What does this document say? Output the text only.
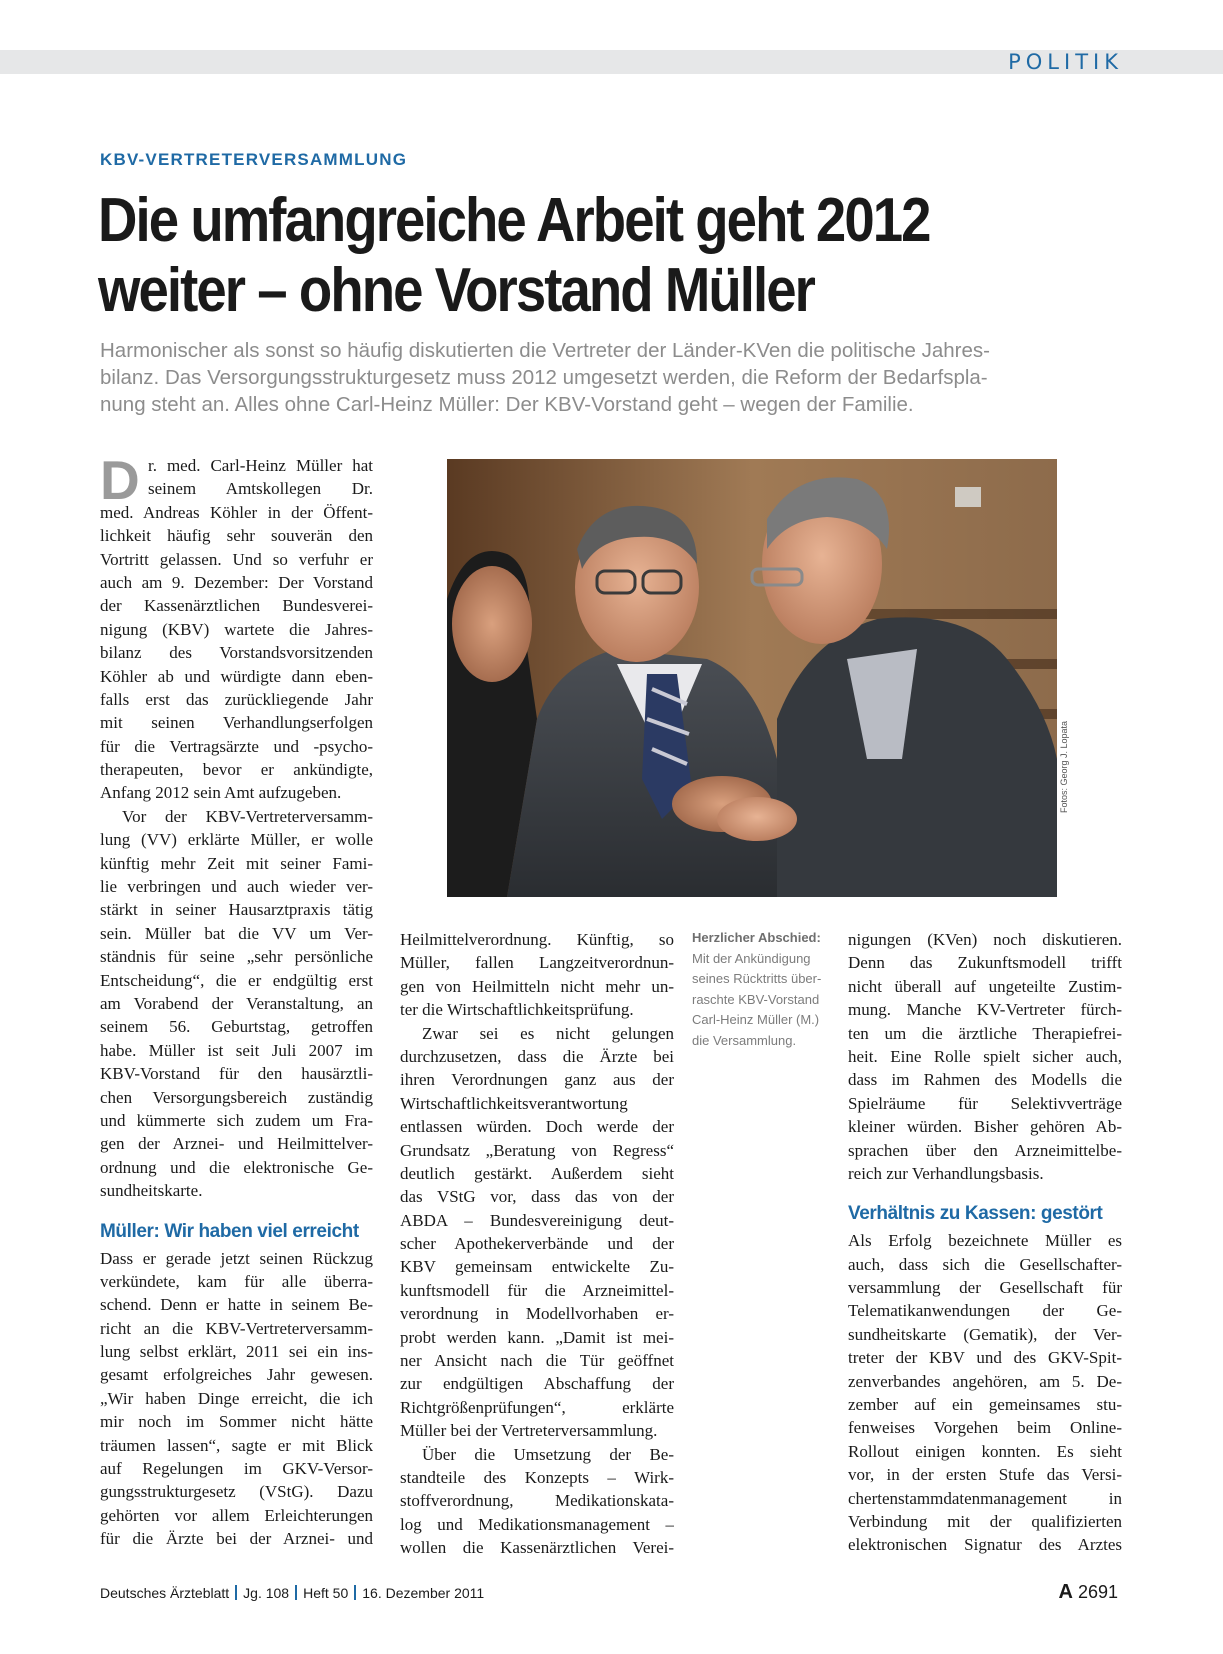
POLITIK
KBV-VERTRETERVERSAMMLUNG
Die umfangreiche Arbeit geht 2012
weiter – ohne Vorstand Müller

Harmonischer als sonst so häufig diskutierten die Vertreter der Länder-KVen die politische Jahres-
bilanz. Das Versorgungsstrukturgesetz muss 2012 umgesetzt werden, die Reform der Bedarfspla-
nung steht an. Alles ohne Carl-Heinz Müller: Der KBV-Vorstand geht – wegen der Familie.

D r. med. Carl-Heinz Müller hat
seinem Amtskollegen Dr.
med. Andreas Köhler in der Öffent-
lichkeit häufig sehr souverän den
Vortritt gelassen. Und so verfuhr er
auch am 9. Dezember: Der Vorstand
der Kassenärztlichen Bundesverei-
nigung (KBV) wartete die Jahres-
bilanz des Vorstandsvorsitzenden
Köhler ab und würdigte dann eben-
falls erst das zurückliegende Jahr
mit seinen Verhandlungserfolgen
für die Vertragsärzte und -psycho-
therapeuten, bevor er ankündigte,
Anfang 2012 sein Amt aufzugeben.
Vor der KBV-Vertreterversamm-
lung (VV) erklärte Müller, er wolle
künftig mehr Zeit mit seiner Fami-
lie verbringen und auch wieder ver-
stärkt in seiner Hausarztpraxis tätig
sein. Müller bat die VV um Ver-
ständnis für seine „sehr persönliche
Entscheidung“, die er endgültig erst
am Vorabend der Veranstaltung, an
seinem 56. Geburtstag, getroffen
habe. Müller ist seit Juli 2007 im
KBV-Vorstand für den hausärztli-
chen Versorgungsbereich zuständig
und kümmerte sich zudem um Fra-
gen der Arznei- und Heilmittelver-
ordnung und die elektronische Ge-
sundheitskarte.
Müller: Wir haben viel erreicht
Dass er gerade jetzt seinen Rückzug
verkündete, kam für alle überra-
schend. Denn er hatte in seinem Be-
richt an die KBV-Vertreterversamm-
lung selbst erklärt, 2011 sei ein ins-
gesamt erfolgreiches Jahr gewesen.
„Wir haben Dinge erreicht, die ich
mir noch im Sommer nicht hätte
träumen lassen“, sagte er mit Blick
auf Regelungen im GKV-Versor-
gungsstrukturgesetz (VStG). Dazu
gehörten vor allem Erleichterungen
für die Ärzte bei der Arznei- und
Heilmittelverordnung. Künftig, so
Müller, fallen Langzeitverordnun-
gen von Heilmitteln nicht mehr un-
ter die Wirtschaftlichkeitsprüfung.
Zwar sei es nicht gelungen
durchzusetzen, dass die Ärzte bei
ihren Verordnungen ganz aus der
Wirtschaftlichkeitsverantwortung
entlassen würden. Doch werde der
Grundsatz „Beratung von Regress“
deutlich gestärkt. Außerdem sieht
das VStG vor, dass das von der
ABDA – Bundesvereinigung deut-
scher Apothekerverbände und der
KBV gemeinsam entwickelte Zu-
kunftsmodell für die Arzneimittel-
verordnung in Modellvorhaben er-
probt werden kann. „Damit ist mei-
ner Ansicht nach die Tür geöffnet
zur endgültigen Abschaffung der
Richtgrößenprüfungen“, erklärte
Müller bei der Vertreterversammlung.
Über die Umsetzung der Be-
standteile des Konzepts – Wirk-
stoffverordnung, Medikationskata-
log und Medikationsmanagement –
wollen die Kassenärztlichen Verei-
nigungen (KVen) noch diskutieren.
Denn das Zukunftsmodell trifft
nicht überall auf ungeteilte Zustim-
mung. Manche KV-Vertreter fürch-
ten um die ärztliche Therapiefrei-
heit. Eine Rolle spielt sicher auch,
dass im Rahmen des Modells die
Spielräume für Selektivverträge
kleiner würden. Bisher gehören Ab-
sprachen über den Arzneimittelbe-
reich zur Verhandlungsbasis.
Verhältnis zu Kassen: gestört
Als Erfolg bezeichnete Müller es
auch, dass sich die Gesellschafter-
versammlung der Gesellschaft für
Telematikanwendungen der Ge-
sundheitskarte (Gematik), der Ver-
treter der KBV und des GKV-Spit-
zenverbandes angehören, am 5. De-
zember auf ein gemeinsames stu-
fenweises Vorgehen beim Online-
Rollout einigen konnten. Es sieht
vor, in der ersten Stufe das Versi-
chertenstammdatenmanagement in
Verbindung mit der qualifizierten
elektronischen Signatur des Arztes
Fotos: Georg J. Lopata
Herzlicher Abschied:
Mit der Ankündigung
seines Rücktritts über-
raschte KBV-Vorstand
Carl-Heinz Müller (M.)
die Versammlung.
Deutsches Ärzteblatt Jg. 108 Heft 50 16. Dezember 2011	A 2691
